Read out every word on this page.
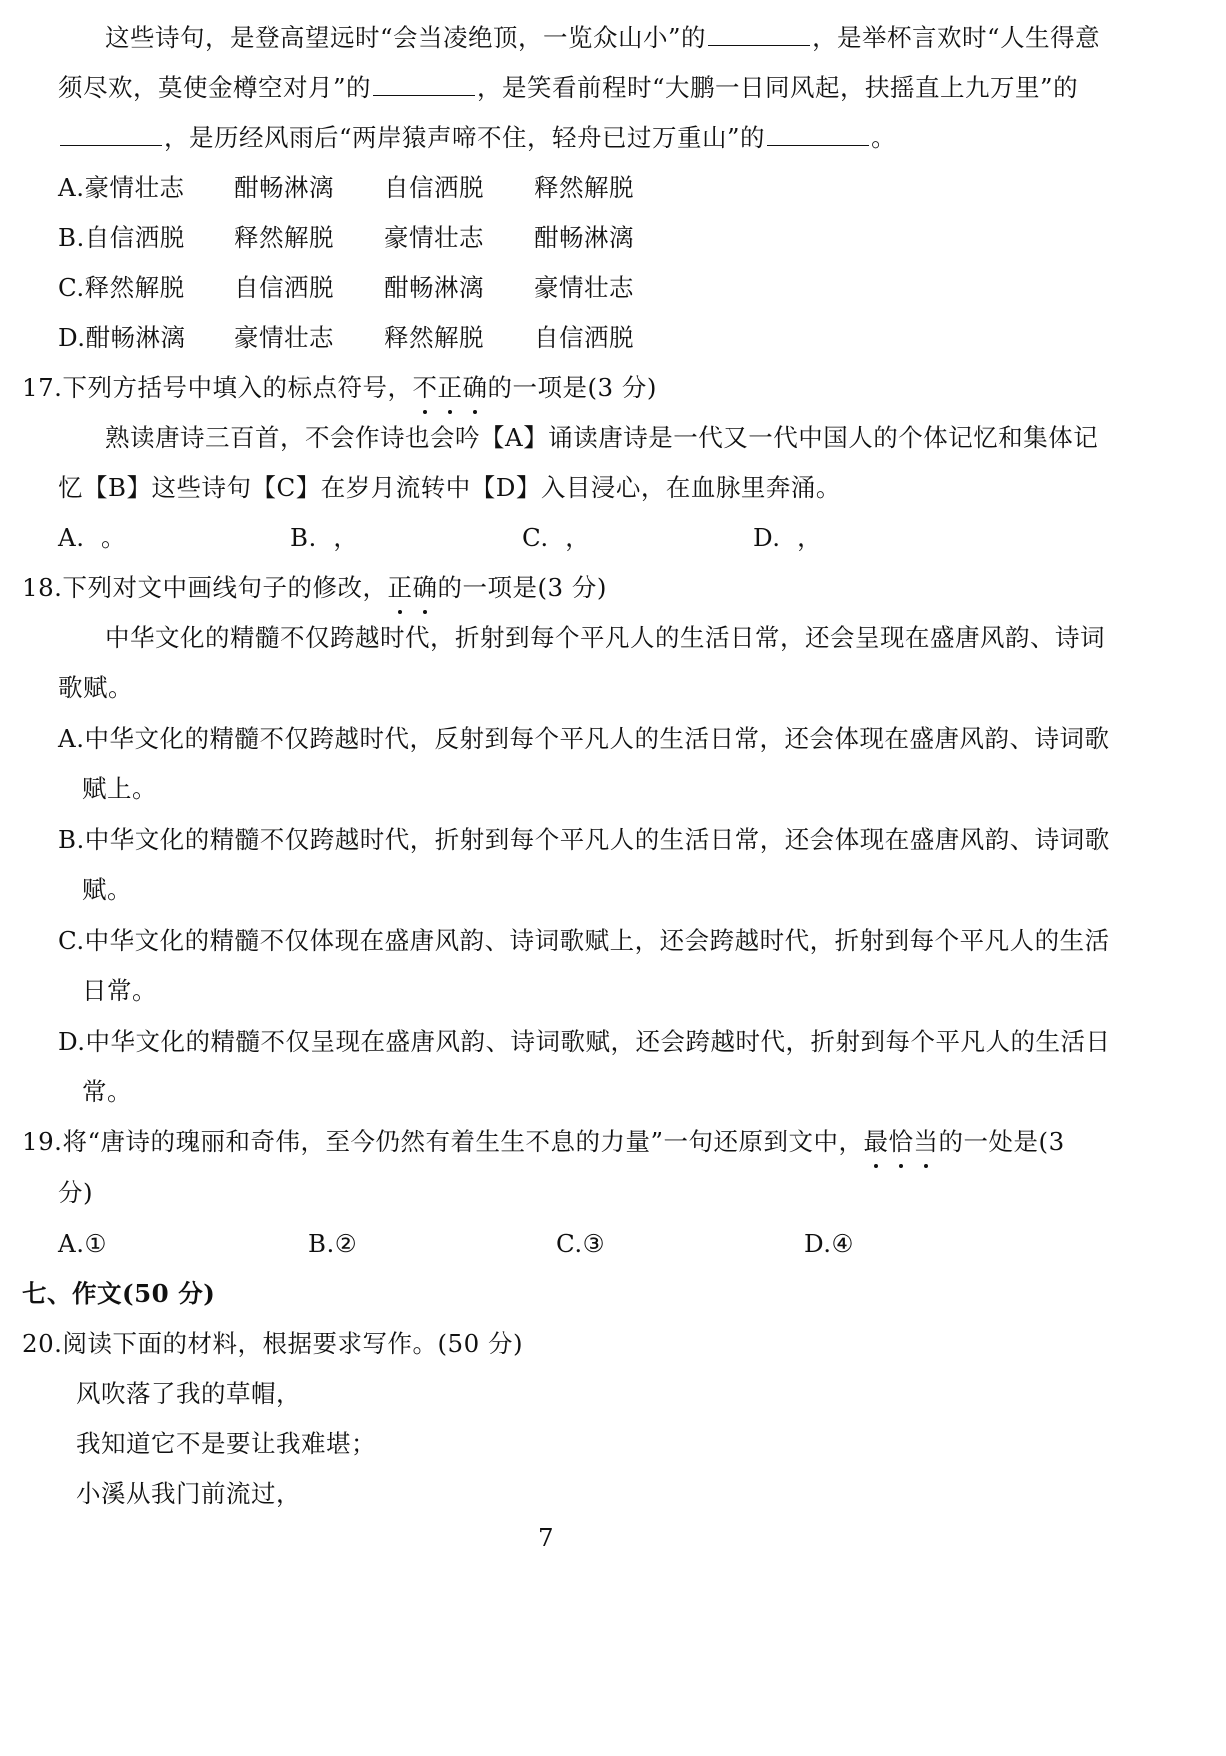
这些诗句，是登高望远时“会当凌绝顶，一览众山小”的	，是举杯言欢时“人生得意
须尽欢，莫使金樽空对月”的	，是笑看前程时“大鹏一日同风起，扶摇直上九万里”的
，是历经风雨后“两岸猿声啼不住，轻舟已过万重山”的	。
A.豪情壮志 酣畅淋漓 自信洒脱 释然解脱
B.自信洒脱 释然解脱 豪情壮志 酣畅淋漓
C.释然解脱 自信洒脱 酣畅淋漓 豪情壮志
D.酣畅淋漓 豪情壮志 释然解脱 自信洒脱
17.下列方括号中填入的标点符号，不正确的一项是(3 分)
熟读唐诗三百首，不会作诗也会吟【A】诵读唐诗是一代又一代中国人的个体记忆和集体记
忆【B】这些诗句【C】在岁月流转中【D】入目浸心，在血脉里奔涌。
A.  。	B.  ，	C.  ，	D.  ，
18.下列对文中画线句子的修改，正确的一项是(3 分)
中华文化的精髓不仅跨越时代，折射到每个平凡人的生活日常，还会呈现在盛唐风韵、诗词
歌赋。
A.中华文化的精髓不仅跨越时代，反射到每个平凡人的生活日常，还会体现在盛唐风韵、诗词歌
赋上。
B.中华文化的精髓不仅跨越时代，折射到每个平凡人的生活日常，还会体现在盛唐风韵、诗词歌
赋。
C.中华文化的精髓不仅体现在盛唐风韵、诗词歌赋上，还会跨越时代，折射到每个平凡人的生活
日常。
D.中华文化的精髓不仅呈现在盛唐风韵、诗词歌赋，还会跨越时代，折射到每个平凡人的生活日
常。
19.将“唐诗的瑰丽和奇伟，至今仍然有着生生不息的力量”一句还原到文中，最恰当的一处是(3
分)
A.①	B.②	C.③	D.④
七、作文(50 分)
20.阅读下面的材料，根据要求写作。(50 分)
风吹落了我的草帽，
我知道它不是要让我难堪；
小溪从我门前流过，
7
